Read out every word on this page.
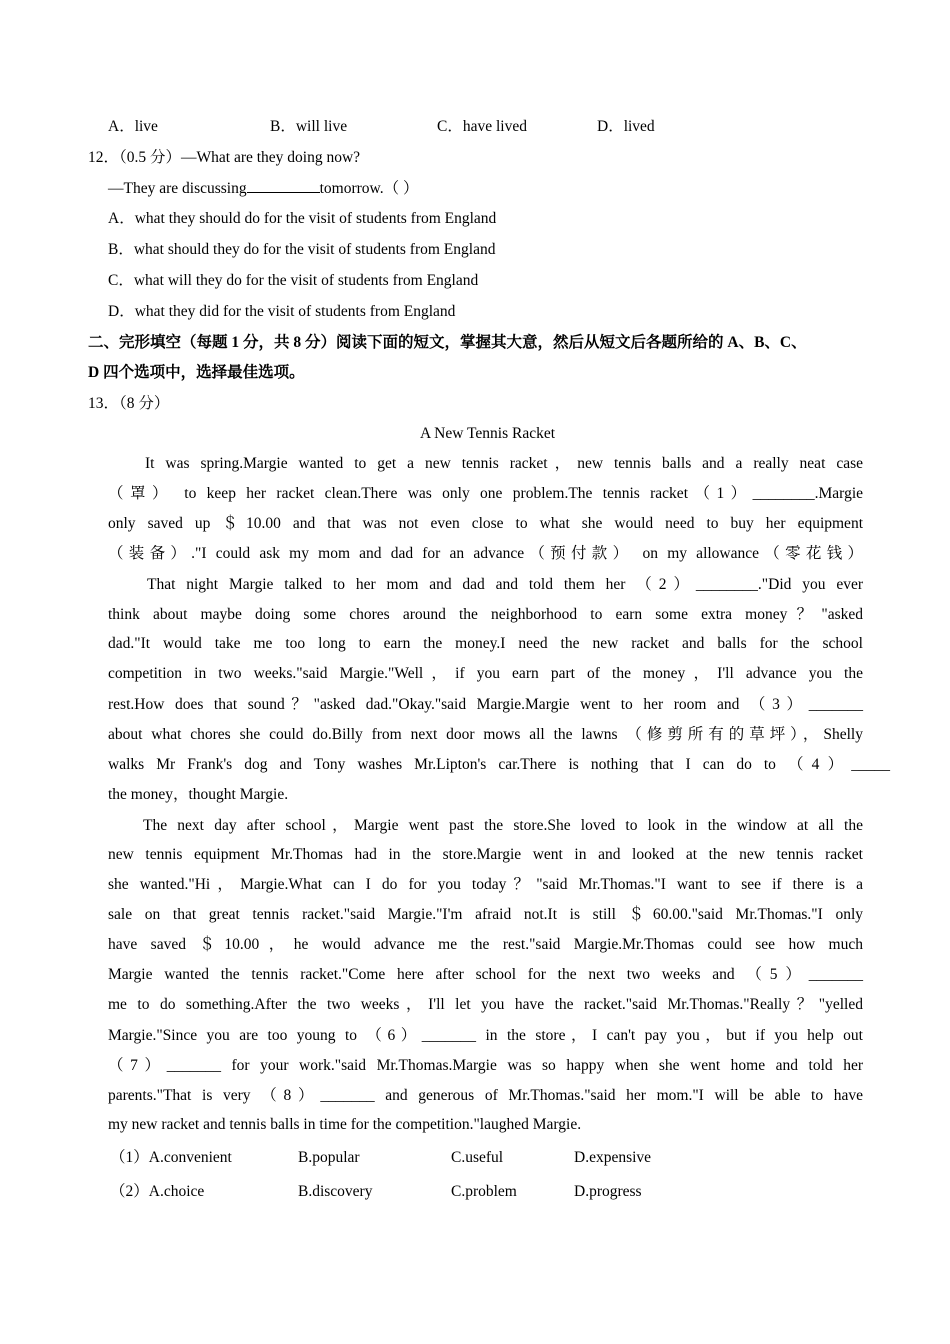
A．live	B．will live	C．have lived	D．lived
12．（0.5 分）—What are they doing now?
—They are discussing	tomorrow.（ ）
A．what they should do for the visit of students from England
B．what should they do for the visit of students from England
C．what will they do for the visit of students from England
D．what they did for the visit of students from England
二、完形填空（每题 1 分，共 8 分）阅读下面的短文，掌握其大意，然后从短文后各题所给的 A、B、C、
D 四个选项中，选择最佳选项。
13．（8 分）
A New Tennis Racket
It was spring.Margie wanted to get a new tennis racket，new tennis balls and a really neat case
（罩） to keep her racket clean.There was only one problem.The tennis racket（1）________.Margie
only saved up ＄10.00 and that was not even close to what she would need to buy her equipment
（装备）."I could ask my mom and dad for an advance（预付款） on my allowance（零花钱）
That night Margie talked to her mom and dad and told them her （2）________."Did you ever
think about maybe doing some chores around the neighborhood to earn some extra money？"asked
dad."It would take me too long to earn the money.I need the new racket and balls for the school
competition in two weeks."said Margie."Well，if you earn part of the money，I'll advance you the
rest.How does that sound？"asked dad."Okay."said Margie.Margie went to her room and （3）_______
about what chores she could do.Billy from next door mows all the lawns （修剪所有的草坪），Shelly
walks Mr Frank's dog and Tony washes Mr.Lipton's car.There is nothing that I can do to （4）_____
the money，thought Margie.
The next day after school，Margie went past the store.She loved to look in the window at all the
new tennis equipment Mr.Thomas had in the store.Margie went in and looked at the new tennis racket
she wanted."Hi，Margie.What can I do for you today？"said Mr.Thomas."I want to see if there is a
sale on that great tennis racket."said Margie."I'm afraid not.It is still ＄60.00."said Mr.Thomas."I only
have saved ＄10.00，he would advance me the rest."said Margie.Mr.Thomas could see how much
Margie wanted the tennis racket."Come here after school for the next two weeks and （5）_______
me to do something.After the two weeks，I'll let you have the racket."said Mr.Thomas."Really？"yelled
Margie."Since you are too young to （6）_______ in the store，I can't pay you，but if you help out
（7）_______ for your work."said Mr.Thomas.Margie was so happy when she went home and told her
parents."That is very （8）_______ and generous of Mr.Thomas."said her mom."I will be able to have
my new racket and tennis balls in time for the competition."laughed Margie.
（1）A.convenient	B.popular	C.useful	D.expensive
（2）A.choice	B.discovery	C.problem	D.progress
